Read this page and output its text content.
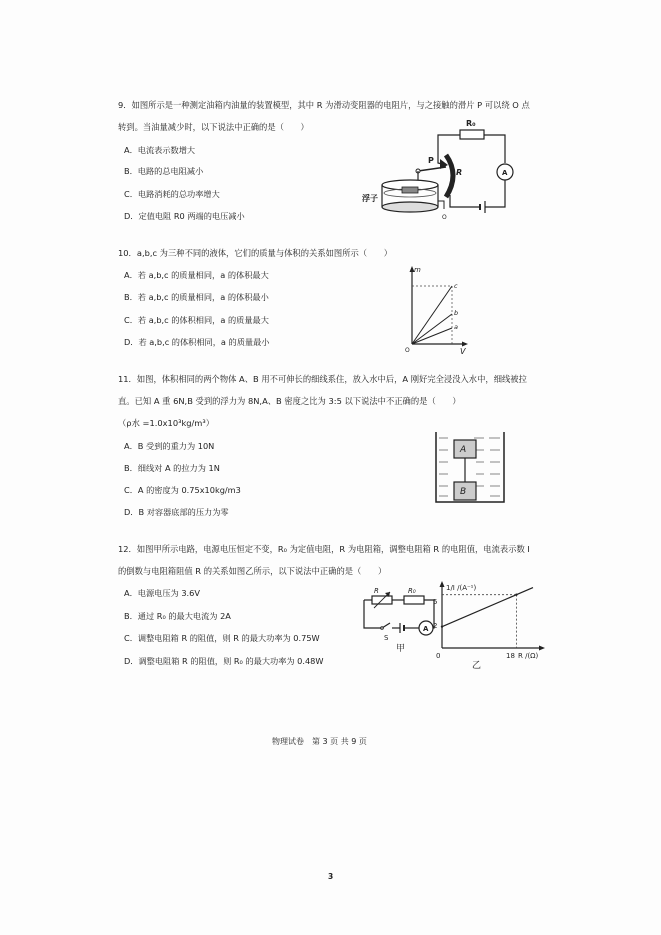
9．如图所示是一种测定油箱内油量的装置模型，其中 R 为滑动变阻器的电阻片，与之接触的滑片 P 可以绕 O 点
转到。当油量减少时，以下说法中正确的是（　　）
A．电流表示数增大
B．电路的总电阻减小
C．电路消耗的总功率增大
D．定值电阻 R0 两端的电压减小
R₀
P
R	A
浮子
O
10．a,b,c 为三种不同的液体，它们的质量与体积的关系如图所示（　　）
A．若 a,b,c 的质量相同，a 的体积最大
B．若 a,b,c 的质量相同，a 的体积最小
C．若 a,b,c 的体积相同，a 的质量最大
D．若 a,b,c 的体积相同，a 的质量最小
m
V
O
c
b
a
11．如图，体积相同的两个物体 A、B 用不可伸长的细线系住，放入水中后，A 刚好完全浸没入水中，细线被拉
直。已知 A 重 6N,B 受到的浮力为 8N,A、B 密度之比为 3:5 以下说法中不正确的是（　　）
（ρ水 =1.0x10³kg/m³）
A．B 受到的重力为 10N
B．细线对 A 的拉力为 1N
C．A 的密度为 0.75x10kg/m3
D．B 对容器底部的压力为零
A
B
12．如图甲所示电路，电源电压恒定不变，R₀ 为定值电阻，R 为电阻箱，调整电阻箱 R 的电阻值，电流表示数 I
的倒数与电阻箱阻值 R 的关系如图乙所示，以下说法中正确的是（　　）
A．电源电压为 3.6V
B．通过 R₀ 的最大电流为 2A
C．调整电阻箱 R 的阻值，则 R 的最大功率为 0.75W
D．调整电阻箱 R 的阻值，则 R₀ 的最大功率为 0.48W
R	R₀
S
A
甲
1/I /(A⁻¹)
0
5
2
18 R /(Ω)
乙
物理试卷　第 3 页 共 9 页
3
